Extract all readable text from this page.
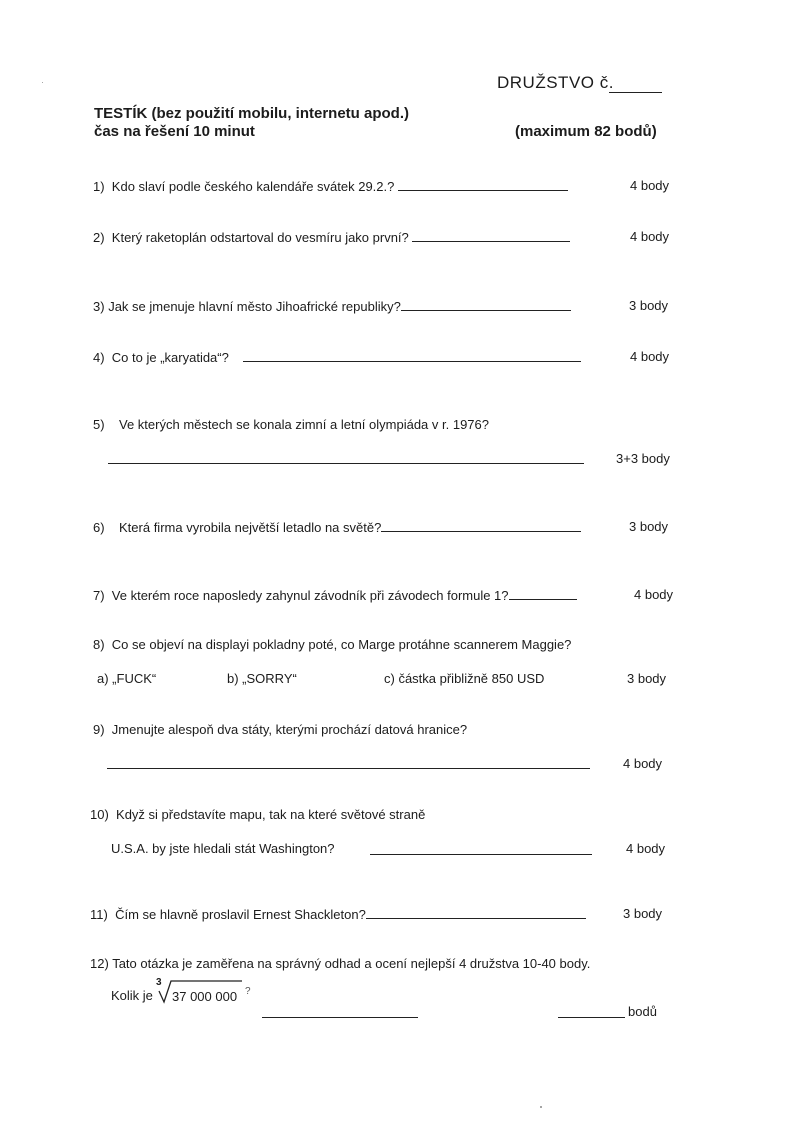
DRUŽSTVO č.
TESTÍK (bez použití mobilu, internetu apod.)
čas na řešení 10 minut	(maximum 82 bodů)
1) Kdo slaví podle českého kalendáře svátek 29.2.?	4 body
2) Který raketoplán odstartoval do vesmíru jako první?	4 body
3) Jak se jmenuje hlavní město Jihoafrické republiky?	3 body
4) Co to je „karyatida“?	4 body
5) Ve kterých městech se konala zimní a letní olympiáda v r. 1976?
3+3 body
6) Která firma vyrobila největší letadlo na světě?	3 body
7) Ve kterém roce naposledy zahynul závodník při závodech formule 1?	4 body
8) Co se objeví na displayi pokladny poté, co Marge protáhne scannerem Maggie?
a) „FUCK“	b) „SORRY“	c) částka přibližně 850 USD	3 body
9) Jmenujte alespoň dva státy, kterými prochází datová hranice?
4 body
10) Když si představíte mapu, tak na které světové straně
U.S.A. by jste hledali stát Washington?	4 body
11) Čím se hlavně proslavil Ernest Shackleton?	3 body
12) Tato otázka je zaměřena na správný odhad a ocení nejlepší 4 družstva 10-40 body.
Kolik je
3
37 000 000 ?
bodů
